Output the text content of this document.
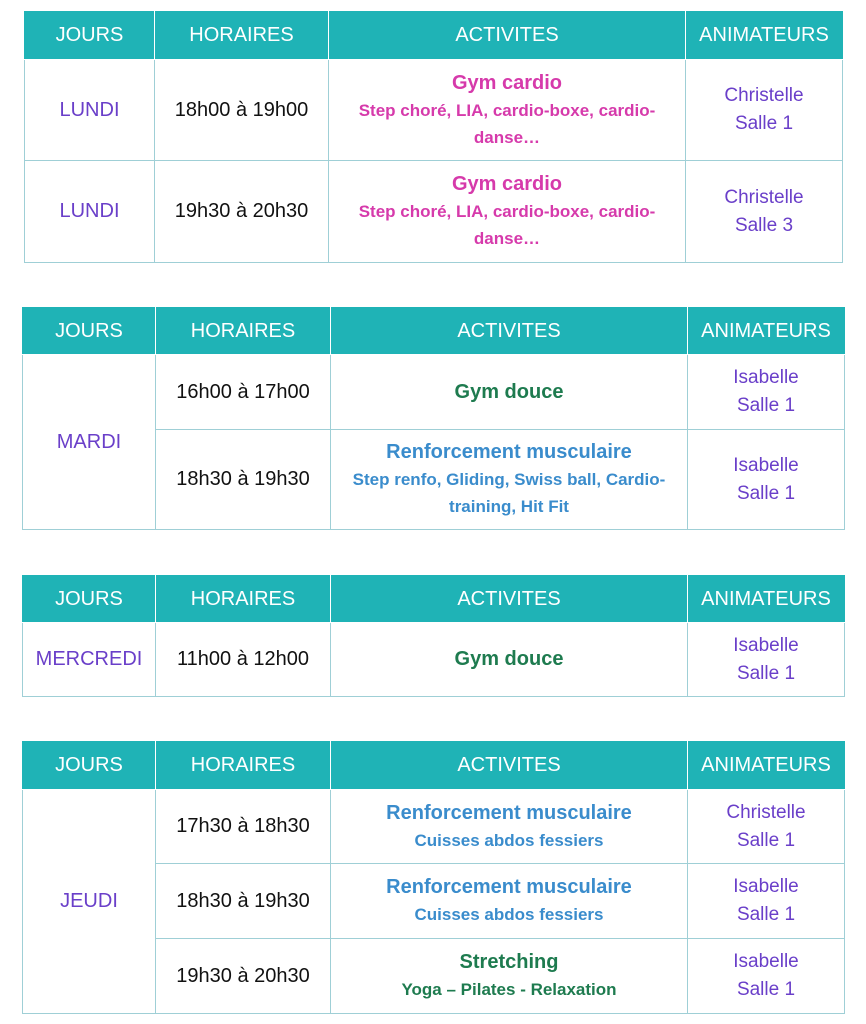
JOURS	HORAIRES	ACTIVITES	ANIMATEURS
LUNDI	18h00 à 19h00	Gym cardio
Step choré, LIA, cardio-boxe, cardio-danse…	Christelle
Salle 1

LUNDI	19h30 à 20h30	Gym cardio
Step choré, LIA, cardio-boxe, cardio-danse…	Christelle
Salle 3
JOURS	HORAIRES	ACTIVITES	ANIMATEURS
MARDI	16h00 à 17h00	Gym douce	Isabelle
Salle 1

	18h30 à 19h30	Renforcement musculaire
Step renfo, Gliding, Swiss ball, Cardio-training, Hit Fit	Isabelle
Salle 1
JOURS	HORAIRES	ACTIVITES	ANIMATEURS
MERCREDI	11h00 à 12h00	Gym douce	Isabelle
Salle 1
JOURS	HORAIRES	ACTIVITES	ANIMATEURS
JEUDI	17h30 à 18h30	Renforcement musculaire
Cuisses abdos fessiers	Christelle
Salle 1

	18h30 à 19h30	Renforcement musculaire
Cuisses abdos fessiers	Isabelle
Salle 1

	19h30 à 20h30	Stretching
Yoga – Pilates - Relaxation	Isabelle
Salle 1
